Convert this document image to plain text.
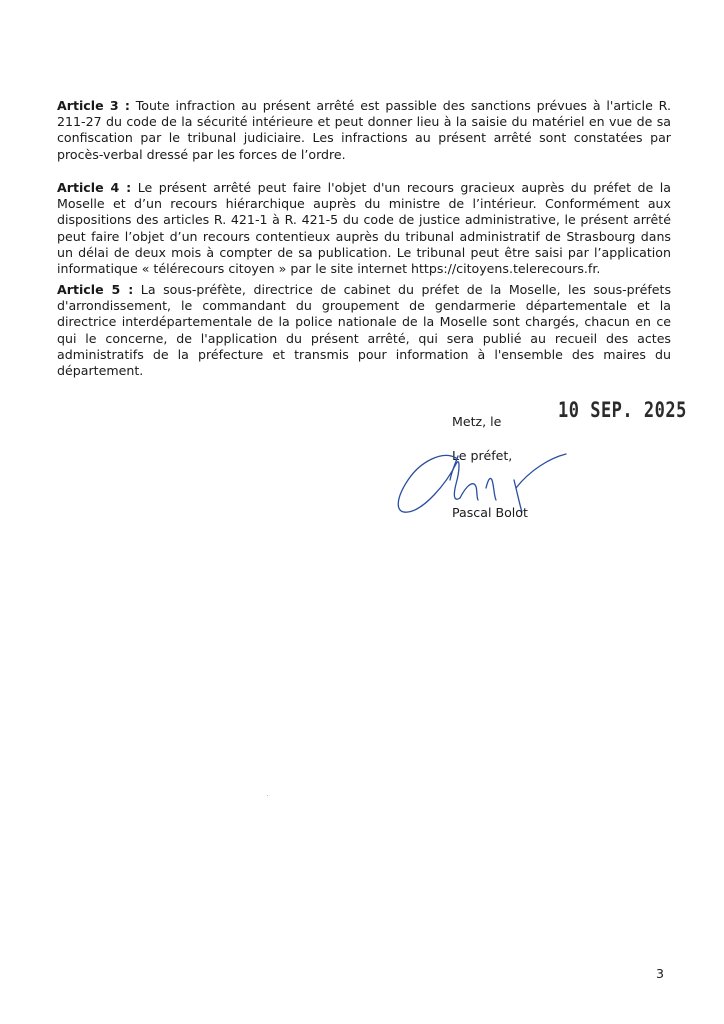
Article 3 : Toute infraction au présent arrêté est passible des sanctions prévues à l'article R. 211-27 du code de la sécurité intérieure et peut donner lieu à la saisie du matériel en vue de sa confiscation par le tribunal judiciaire. Les infractions au présent arrêté sont constatées par procès-verbal dressé par les forces de l’ordre.

Article 4 : Le présent arrêté peut faire l'objet d'un recours gracieux auprès du préfet de la Moselle et d’un recours hiérarchique auprès du ministre de l’intérieur. Conformément aux dispositions des articles R. 421-1 à R. 421-5 du code de justice administrative, le présent arrêté peut faire l’objet d’un recours contentieux auprès du tribunal administratif de Strasbourg dans un délai de deux mois à compter de sa publication. Le tribunal peut être saisi par l’application informatique « télérecours citoyen » par le site internet https://citoyens.telerecours.fr.

Article 5 : La sous-préfète, directrice de cabinet du préfet de la Moselle, les sous-préfets d'arrondissement, le commandant du groupement de gendarmerie départementale et la directrice interdépartementale de la police nationale de la Moselle sont chargés, chacun en ce qui le concerne, de l'application du présent arrêté, qui sera publié au recueil des actes administratifs de la préfecture et transmis pour information à l'ensemble des maires du département.

Metz, le	10 SEP. 2025
Le préfet,
Pascal Bolot
3
